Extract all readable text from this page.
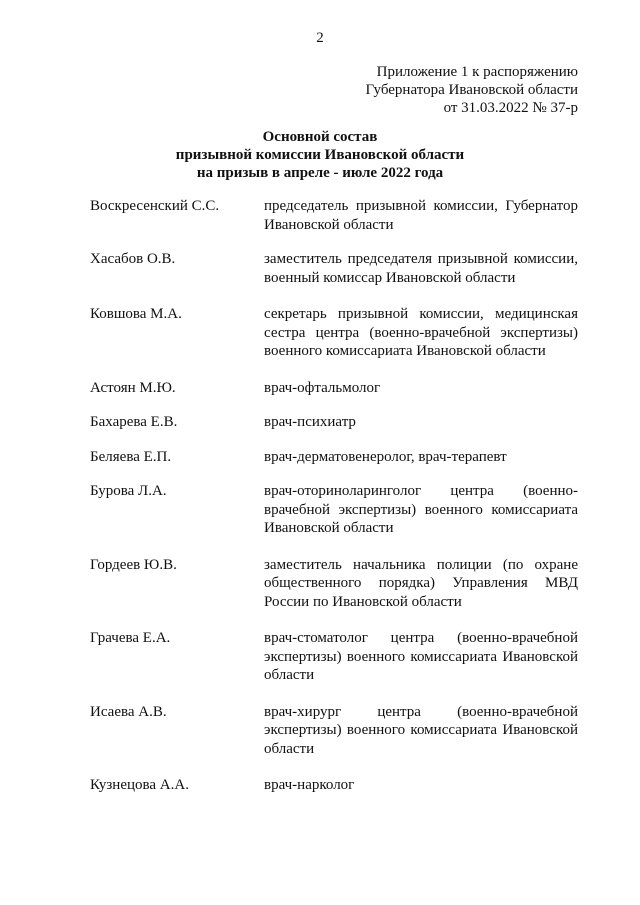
2
Приложение 1 к распоряжению
Губернатора Ивановской области
от 31.03.2022 № 37-р
Основной состав
призывной комиссии Ивановской области
на призыв в апреле - июле 2022 года
Воскресенский С.С.	председатель призывной комиссии, Губернатор Ивановской области
Хасабов О.В.	заместитель председателя призывной комиссии, военный комиссар Ивановской области
Ковшова М.А.	секретарь призывной комиссии, медицинская сестра центра (военно-врачебной экспертизы) военного комиссариата Ивановской области
Астоян М.Ю.	врач-офтальмолог
Бахарева Е.В.	врач-психиатр
Беляева Е.П.	врач-дерматовенеролог, врач-терапевт
Бурова Л.А.	врач-оториноларинголог центра (военно-врачебной экспертизы) военного комиссариата Ивановской области
Гордеев Ю.В.	заместитель начальника полиции (по охране общественного порядка) Управления МВД России по Ивановской области
Грачева Е.А.	врач-стоматолог центра (военно-врачебной экспертизы) военного комиссариата Ивановской области
Исаева А.В.	врач-хирург центра (военно-врачебной экспертизы) военного комиссариата Ивановской области
Кузнецова А.А.	врач-нарколог
